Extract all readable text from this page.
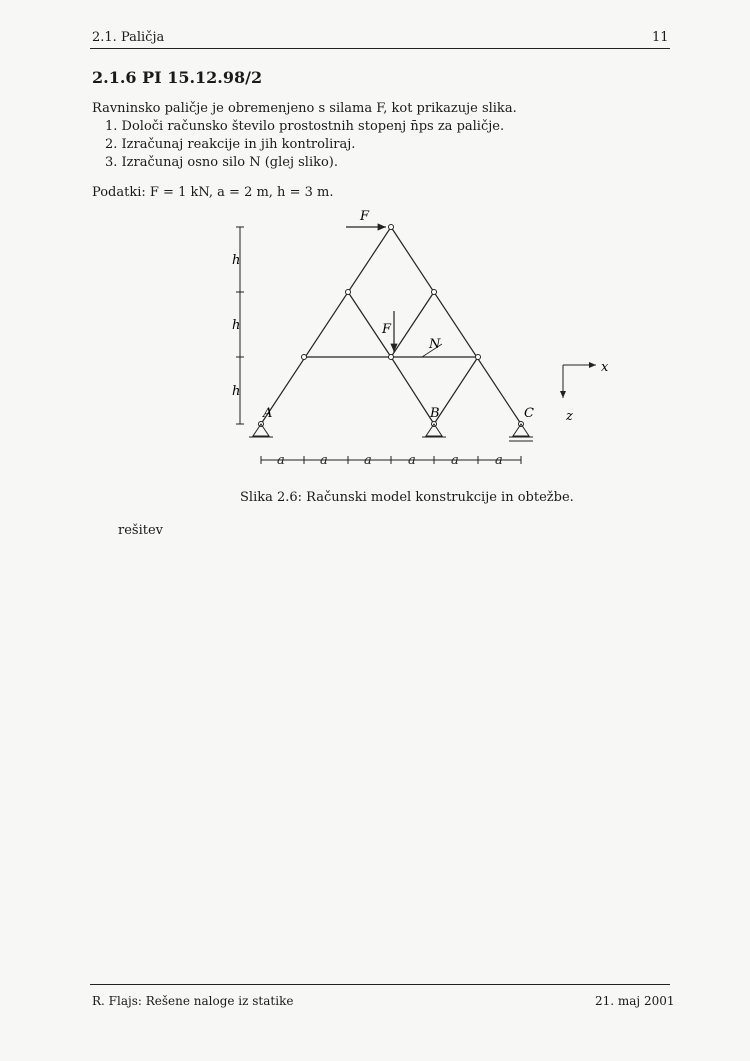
2.1. Paličja	11
2.1.6 PI 15.12.98/2
Ravninsko paličje je obremenjeno s silama F, kot prikazuje slika.
1. Določi računsko število prostostnih stopenj n̄ps za paličje.
2. Izračunaj reakcije in jih kontroliraj.
3. Izračunaj osno silo N (glej sliko).
Podatki: F = 1 kN, a = 2 m, h = 3 m.
F
F
N
A	B	C
h
h
h
a	a	a	a	a	a
x
z
Slika 2.6: Računski model konstrukcije in obtežbe.
rešitev
R. Flajs: Rešene naloge iz statike	21. maj 2001
